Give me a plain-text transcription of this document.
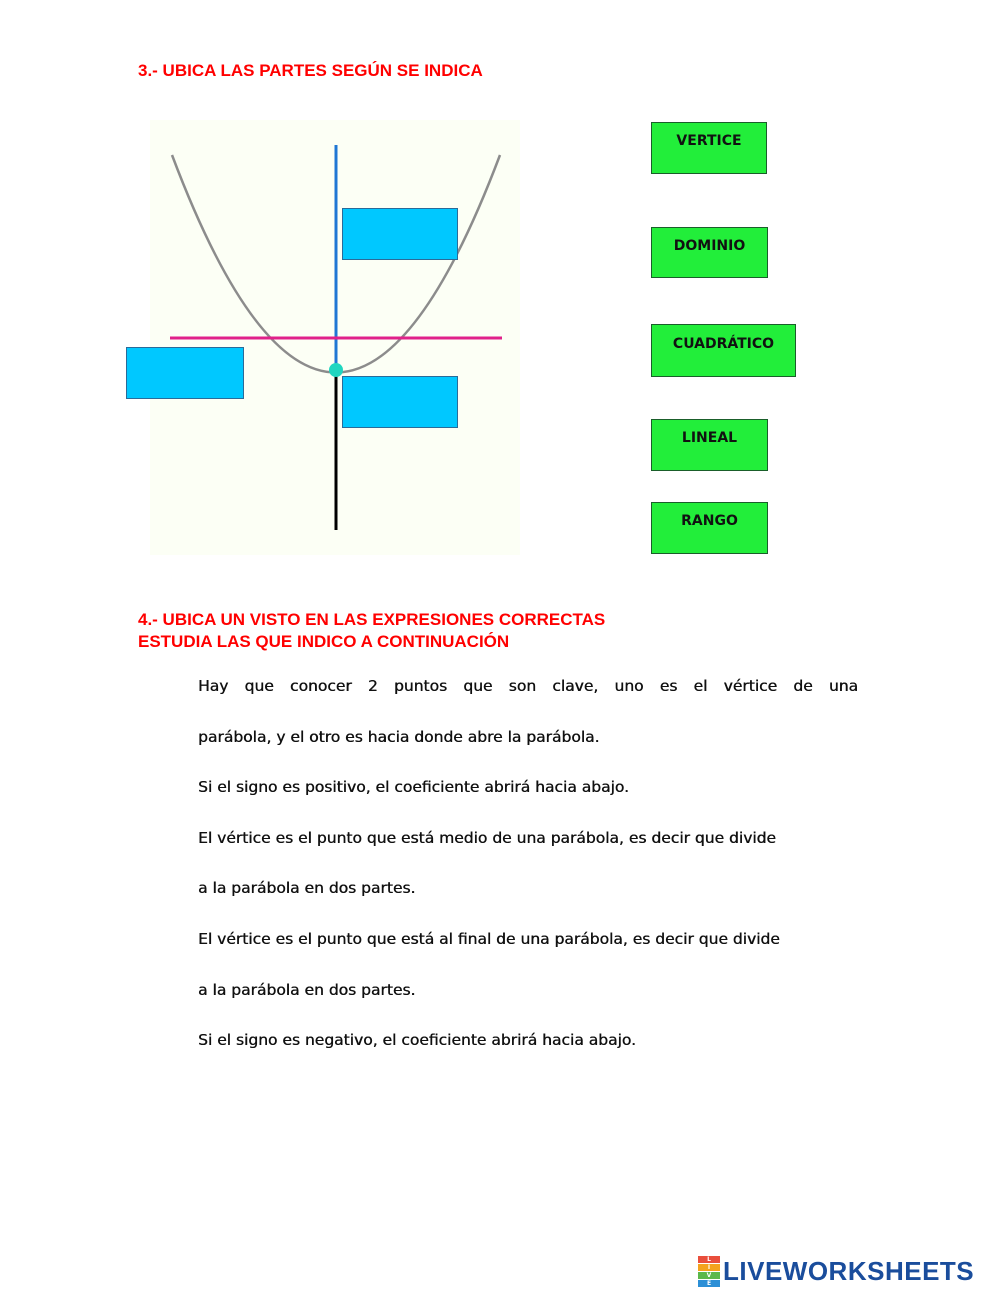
3.- UBICA LAS PARTES SEGÚN SE INDICA
VERTICE
DOMINIO
CUADRÁTICO
LINEAL
RANGO
4.- UBICA UN VISTO EN LAS EXPRESIONES CORRECTAS
ESTUDIA LAS QUE INDICO A CONTINUACIÓN
Hay que conocer 2 puntos que son clave, uno es el vértice de una
parábola, y el otro es hacia donde abre la parábola.
Si el signo es positivo, el coeficiente abrirá hacia abajo.
El vértice es el punto que está medio de una parábola, es decir que divide
a la parábola en dos partes.
El vértice es el punto que está al final de una parábola, es decir que divide
a la parábola en dos partes.
Si el signo es negativo, el coeficiente abrirá hacia abajo.
L
I
V
E LIVEWORKSHEETS
